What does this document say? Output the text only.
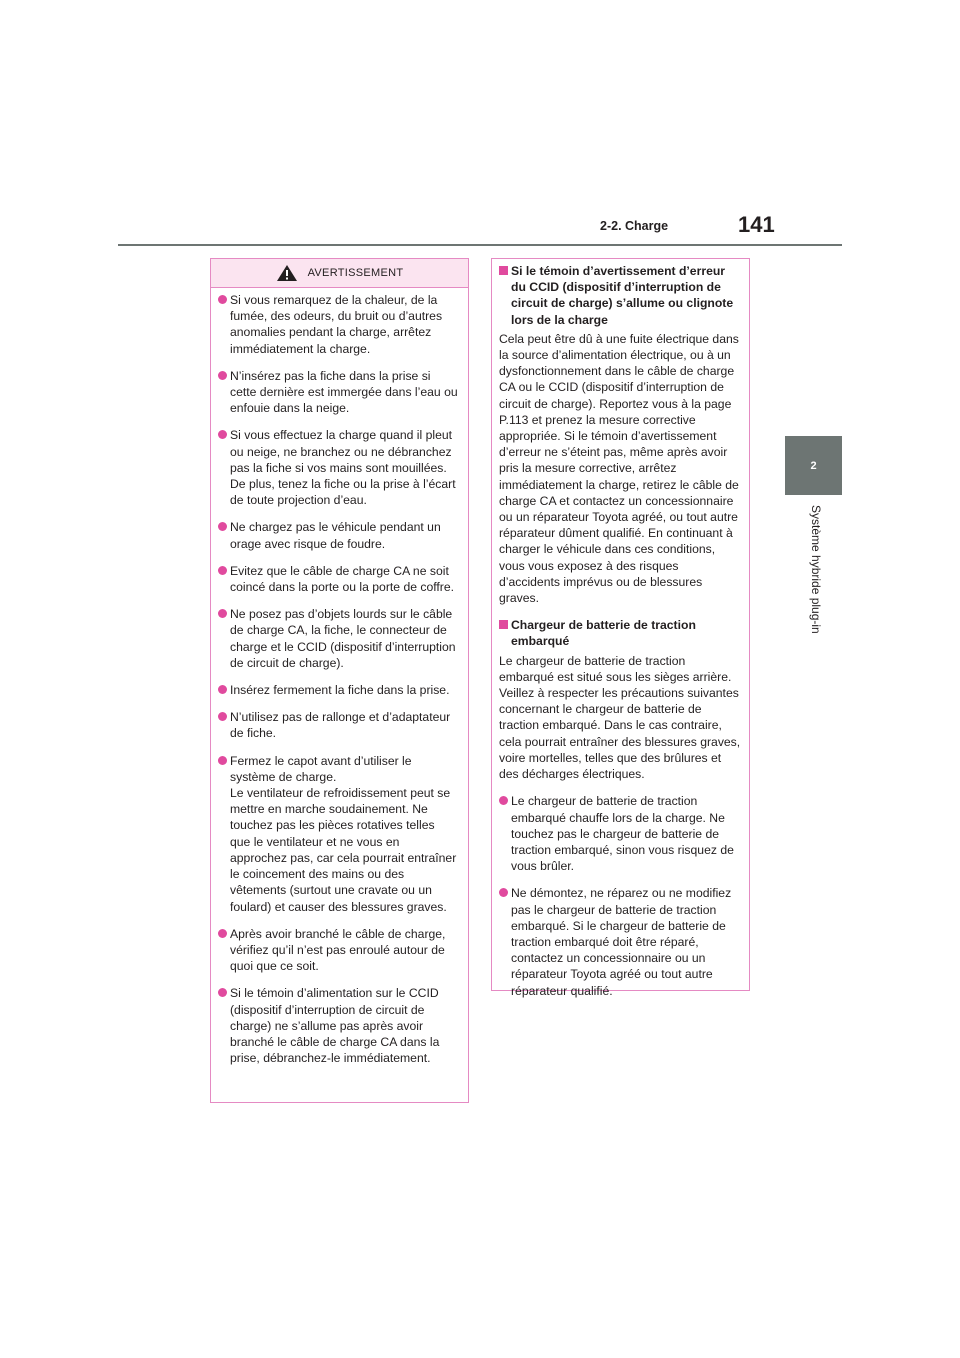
2-2. Charge	141
2
Système hybride plug-in
AVERTISSEMENT
Si vous remarquez de la chaleur, de la fumée, des odeurs, du bruit ou d’autres anomalies pendant la charge, arrêtez immédiatement la charge.
N’insérez pas la fiche dans la prise si cette dernière est immergée dans l’eau ou enfouie dans la neige.
Si vous effectuez la charge quand il pleut ou neige, ne branchez ou ne débranchez pas la fiche si vos mains sont mouillées. De plus, tenez la fiche ou la prise à l’écart de toute projection d’eau.
Ne chargez pas le véhicule pendant un orage avec risque de foudre.
Evitez que le câble de charge CA ne soit coincé dans la porte ou la porte de coffre.
Ne posez pas d’objets lourds sur le câble de charge CA, la fiche, le connecteur de charge et le CCID (dispositif d’interruption de circuit de charge).
Insérez fermement la fiche dans la prise.
N’utilisez pas de rallonge et d’adaptateur de fiche.
Fermez le capot avant d’utiliser le système de charge.
Le ventilateur de refroidissement peut se mettre en marche soudainement. Ne touchez pas les pièces rotatives telles que le ventilateur et ne vous en approchez pas, car cela pourrait entraîner le coincement des mains ou des vêtements (surtout une cravate ou un foulard) et causer des blessures graves.
Après avoir branché le câble de charge, vérifiez qu’il n’est pas enroulé autour de quoi que ce soit.
Si le témoin d’alimentation sur le CCID (dispositif d’interruption de circuit de charge) ne s’allume pas après avoir branché le câble de charge CA dans la prise, débranchez-le immédiatement.
Si le témoin d’avertissement d’erreur du CCID (dispositif d’interruption de circuit de charge) s’allume ou clignote lors de la charge
Cela peut être dû à une fuite électrique dans la source d’alimentation électrique, ou à un dysfonctionnement dans le câble de charge CA ou le CCID (dispositif d’interruption de circuit de charge). Reportez vous à la page P.113 et prenez la mesure corrective appropriée. Si le témoin d’avertissement d’erreur ne s’éteint pas, même après avoir pris la mesure corrective, arrêtez immédiatement la charge, retirez le câble de charge CA et contactez un concessionnaire ou un réparateur Toyota agréé, ou tout autre réparateur dûment qualifié. En continuant à charger le véhicule dans ces conditions, vous vous exposez à des risques d’accidents imprévus ou de blessures graves.
Chargeur de batterie de traction embarqué
Le chargeur de batterie de traction embarqué est situé sous les sièges arrière. Veillez à respecter les précautions suivantes concernant le chargeur de batterie de traction embarqué. Dans le cas contraire, cela pourrait entraîner des blessures graves, voire mortelles, telles que des brûlures et des décharges électriques.
Le chargeur de batterie de traction embarqué chauffe lors de la charge. Ne touchez pas le chargeur de batterie de traction embarqué, sinon vous risquez de vous brûler.
Ne démontez, ne réparez ou ne modifiez pas le chargeur de batterie de traction embarqué. Si le chargeur de batterie de traction embarqué doit être réparé, contactez un concessionnaire ou un réparateur Toyota agréé ou tout autre réparateur qualifié.
